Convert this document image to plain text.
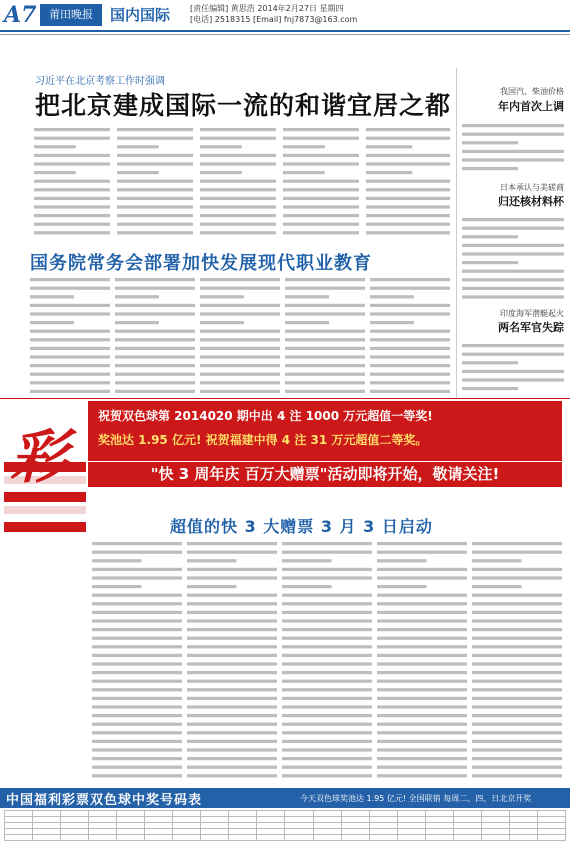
A7	莆田晚报	国内国际 [责任编辑] 黄思浩 2014年2月27日 星期四
[电话] 2518315 [Email] fnj7873@163.com
习近平在北京考察工作时强调
把北京建成国际一流的和谐宜居之都	我国汽、柴油价格
年内首次上调
日本承认与美磋商
归还核材料杯
印度海军潜艇起火
两名军官失踪
国务院常务会部署加快发展现代职业教育
彩
祝贺双色球第 2014020 期中出 4 注 1000 万元超值一等奖!
奖池达 1.95 亿元! 祝贺福建中得 4 注 31 万元超值二等奖。
"快 3 周年庆 百万大赠票"活动即将开始，敬请关注!
超值的快 3 大赠票 3 月 3 日启动
中国福利彩票双色球中奖号码表	今天双色球奖池达 1.95 亿元! 全国联销 每周二、四、日北京开奖
